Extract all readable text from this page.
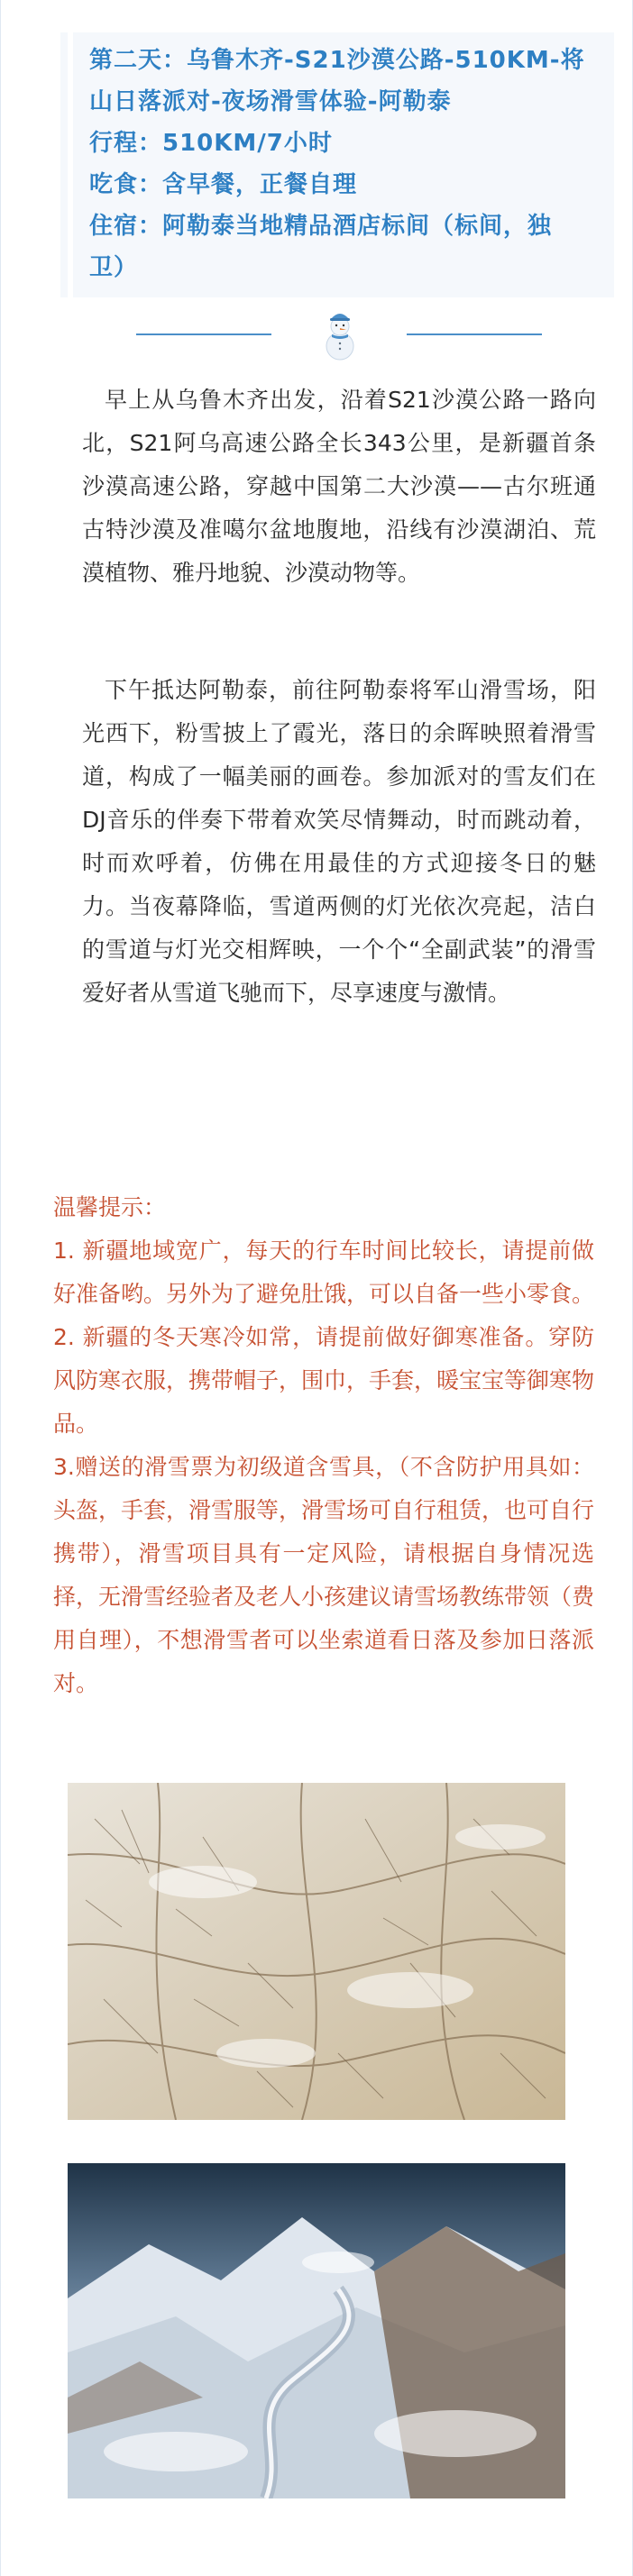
第二天：乌鲁木齐-S21沙漠公路-510KM-将
山日落派对-夜场滑雪体验-阿勒泰
行程：510KM/7小时
吃食：含早餐，正餐自理
住宿：阿勒泰当地精品酒店标间（标间，独
卫）

早上从乌鲁木齐出发，沿着S21沙漠公路一路向北，S21阿乌高速公路全长343公里，是新疆首条沙漠高速公路，穿越中国第二大沙漠——古尔班通古特沙漠及准噶尔盆地腹地，沿线有沙漠湖泊、荒漠植物、雅丹地貌、沙漠动物等。

下午抵达阿勒泰，前往阿勒泰将军山滑雪场，阳光西下，粉雪披上了霞光，落日的余晖映照着滑雪道，构成了一幅美丽的画卷。参加派对的雪友们在DJ音乐的伴奏下带着欢笑尽情舞动，时而跳动着，时而欢呼着，仿佛在用最佳的方式迎接冬日的魅力。当夜幕降临，雪道两侧的灯光依次亮起，洁白的雪道与灯光交相辉映，一个个“全副武装”的滑雪爱好者从雪道飞驰而下，尽享速度与激情。

温馨提示：

1. 新疆地域宽广，每天的行车时间比较长，请提前做好准备哟。另外为了避免肚饿，可以自备一些小零食。

2. 新疆的冬天寒冷如常，请提前做好御寒准备。穿防风防寒衣服，携带帽子，围巾，手套，暖宝宝等御寒物品。

3.赠送的滑雪票为初级道含雪具，（不含防护用具如：头盔，手套，滑雪服等，滑雪场可自行租赁，也可自行携带），滑雪项目具有一定风险，请根据自身情况选择，无滑雪经验者及老人小孩建议请雪场教练带领（费用自理），不想滑雪者可以坐索道看日落及参加日落派对。
